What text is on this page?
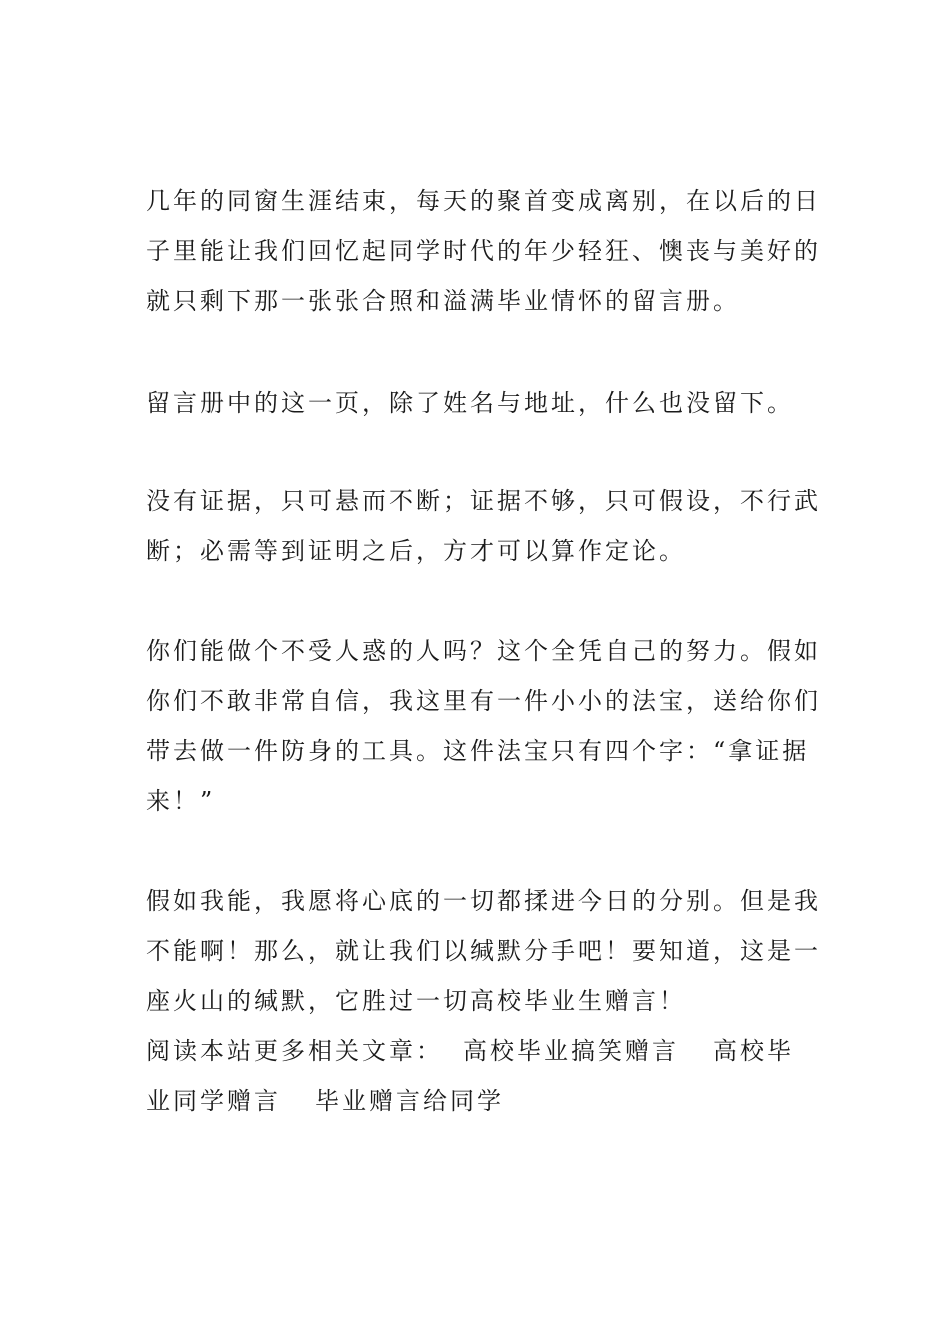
几年的同窗生涯结束，每天的聚首变成离别，在以后的日
子里能让我们回忆起同学时代的年少轻狂、懊丧与美好的
就只剩下那一张张合照和溢满毕业情怀的留言册。
留言册中的这一页，除了姓名与地址，什么也没留下。
没有证据，只可悬而不断；证据不够，只可假设，不行武
断；必需等到证明之后，方才可以算作定论。
你们能做个不受人惑的人吗？这个全凭自己的努力。假如
你们不敢非常自信，我这里有一件小小的法宝，送给你们
带去做一件防身的工具。这件法宝只有四个字：“拿证据
来！”
假如我能，我愿将心底的一切都揉进今日的分别。但是我
不能啊！那么，就让我们以缄默分手吧！要知道，这是一
座火山的缄默，它胜过一切高校毕业生赠言！
阅读本站更多相关文章： 高校毕业搞笑赠言 高校毕
业同学赠言 毕业赠言给同学
